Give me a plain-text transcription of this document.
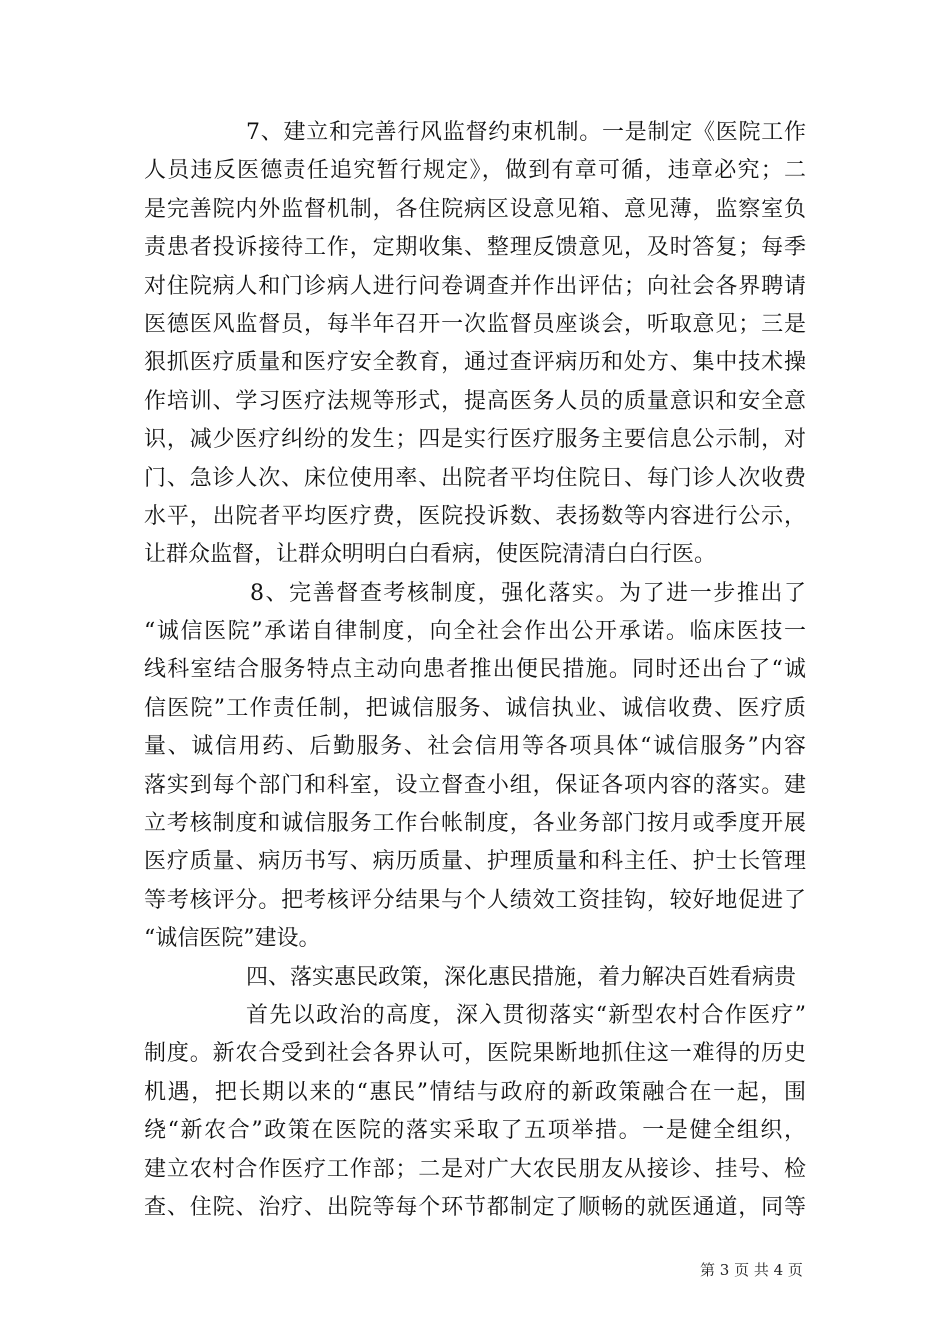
7、建立和完善行风监督约束机制。一是制定《医院工作
人员违反医德责任追究暂行规定》，做到有章可循，违章必究；二
是完善院内外监督机制，各住院病区设意见箱、意见薄，监察室负
责患者投诉接待工作，定期收集、整理反馈意见，及时答复；每季
对住院病人和门诊病人进行问卷调查并作出评估；向社会各界聘请
医德医风监督员，每半年召开一次监督员座谈会，听取意见；三是
狠抓医疗质量和医疗安全教育，通过查评病历和处方、集中技术操
作培训、学习医疗法规等形式，提高医务人员的质量意识和安全意
识，减少医疗纠纷的发生；四是实行医疗服务主要信息公示制，对
门、急诊人次、床位使用率、出院者平均住院日、每门诊人次收费
水平，出院者平均医疗费，医院投诉数、表扬数等内容进行公示，
让群众监督，让群众明明白白看病，使医院清清白白行医。
8、完善督查考核制度，强化落实。为了进一步推出了
“诚信医院”承诺自律制度，向全社会作出公开承诺。临床医技一
线科室结合服务特点主动向患者推出便民措施。同时还出台了“诚
信医院”工作责任制，把诚信服务、诚信执业、诚信收费、医疗质
量、诚信用药、后勤服务、社会信用等各项具体“诚信服务”内容
落实到每个部门和科室，设立督查小组，保证各项内容的落实。建
立考核制度和诚信服务工作台帐制度，各业务部门按月或季度开展
医疗质量、病历书写、病历质量、护理质量和科主任、护士长管理
等考核评分。把考核评分结果与个人绩效工资挂钩，较好地促进了
“诚信医院”建设。
四、落实惠民政策，深化惠民措施，着力解决百姓看病贵
首先以政治的高度，深入贯彻落实“新型农村合作医疗”
制度。新农合受到社会各界认可，医院果断地抓住这一难得的历史
机遇，把长期以来的“惠民”情结与政府的新政策融合在一起，围
绕“新农合”政策在医院的落实采取了五项举措。一是健全组织，
建立农村合作医疗工作部；二是对广大农民朋友从接诊、挂号、检
查、住院、治疗、出院等每个环节都制定了顺畅的就医通道，同等
第 3 页 共 4 页
